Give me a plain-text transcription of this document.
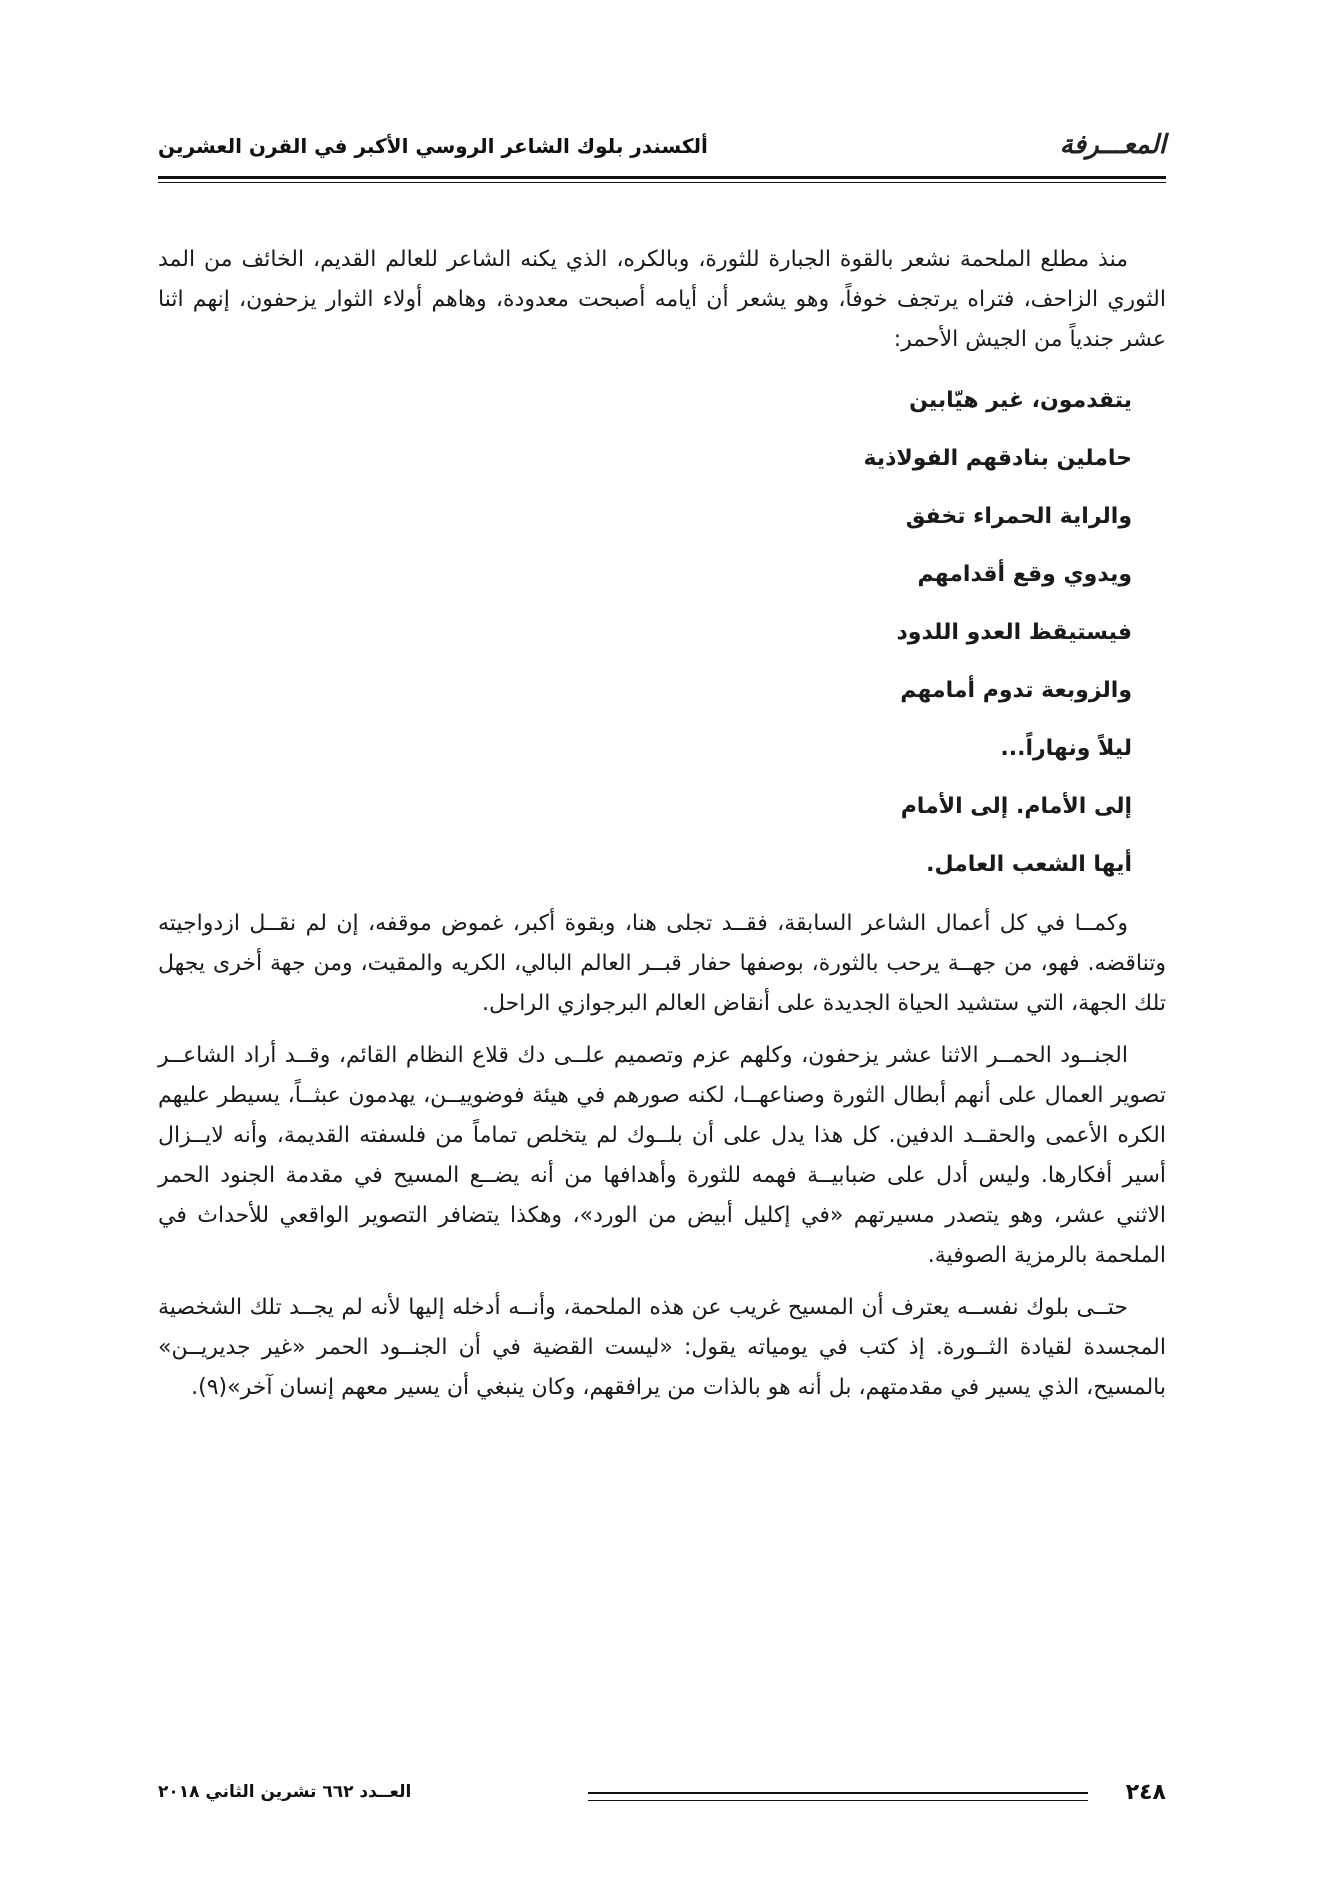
المعـــرفة
ألكسندر بلوك الشاعر الروسي الأكبر في القرن العشرين

منذ مطلع الملحمة نشعر بالقوة الجبارة للثورة، وبالكره، الذي يكنه الشاعر للعالم القديم، الخائف من المد الثوري الزاحف، فتراه يرتجف خوفاً، وهو يشعر أن أيامه أصبحت معدودة، وهاهم أولاء الثوار يزحفون، إنهم اثنا عشر جندياً من الجيش الأحمر:

يتقدمون، غير هيّابين
حاملين بنادقهم الفولاذية
والراية الحمراء تخفق
ويدوي وقع أقدامهم
فيستيقظ العدو اللدود
والزوبعة تدوم أمامهم
ليلاً ونهاراً...
إلى الأمام. إلى الأمام
أيها الشعب العامل.

وكمــا في كل أعمال الشاعر السابقة، فقــد تجلى هنا، وبقوة أكبر، غموض موقفه، إن لم نقــل ازدواجيته وتناقضه. فهو، من جهــة يرحب بالثورة، بوصفها حفار قبــر العالم البالي، الكريه والمقيت، ومن جهة أخرى يجهل تلك الجهة، التي ستشيد الحياة الجديدة على أنقاض العالم البرجوازي الراحل.

الجنــود الحمــر الاثنا عشر يزحفون، وكلهم عزم وتصميم علــى دك قلاع النظام القائم، وقــد أراد الشاعــر تصوير العمال على أنهم أبطال الثورة وصناعهــا، لكنه صورهم في هيئة فوضوييــن، يهدمون عبثــاً، يسيطر عليهم الكره الأعمى والحقــد الدفين. كل هذا يدل على أن بلــوك لم يتخلص تماماً من فلسفته القديمة، وأنه لايــزال أسير أفكارها. وليس أدل على ضبابيــة فهمه للثورة وأهدافها من أنه يضــع المسيح في مقدمة الجنود الحمر الاثني عشر، وهو يتصدر مسيرتهم «في إكليل أبيض من الورد»، وهكذا يتضافر التصوير الواقعي للأحداث في الملحمة بالرمزية الصوفية.

حتــى بلوك نفســه يعترف أن المسيح غريب عن هذه الملحمة، وأنــه أدخله إليها لأنه لم يجــد تلك الشخصية المجسدة لقيادة الثــورة. إذ كتب في يومياته يقول: «ليست القضية في أن الجنــود الحمر «غير جديريــن» بالمسيح، الذي يسير في مقدمتهم، بل أنه هو بالذات من يرافقهم، وكان ينبغي أن يسير معهم إنسان آخر»(٩).

٢٤٨
العــدد ٦٦٢ تشرين الثاني ٢٠١٨
